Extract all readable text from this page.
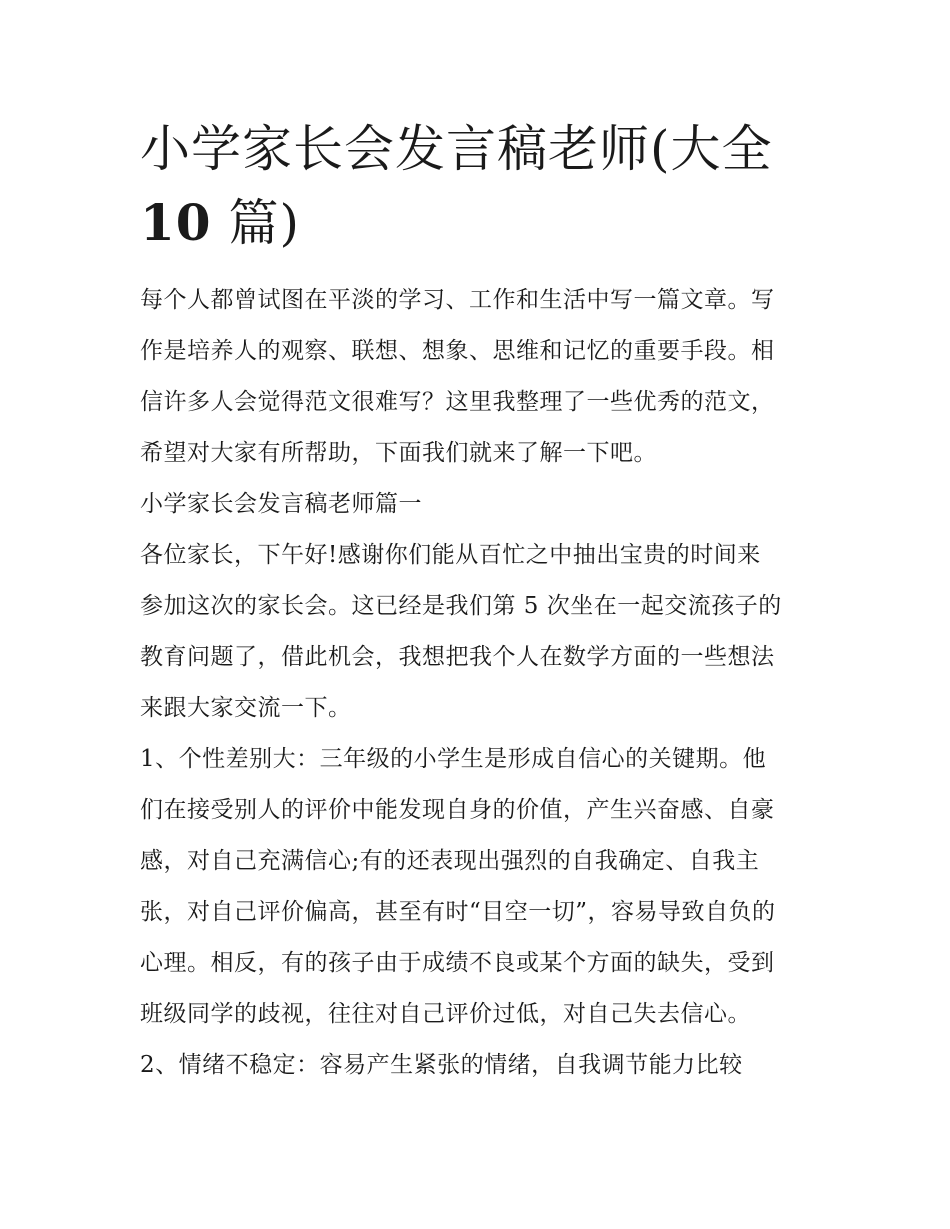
小学家长会发言稿老师(大全
10 篇)
每个人都曾试图在平淡的学习、工作和生活中写一篇文章。写
作是培养人的观察、联想、想象、思维和记忆的重要手段。相
信许多人会觉得范文很难写？这里我整理了一些优秀的范文，
希望对大家有所帮助，下面我们就来了解一下吧。
小学家长会发言稿老师篇一
各位家长，下午好!感谢你们能从百忙之中抽出宝贵的时间来
参加这次的家长会。这已经是我们第 5 次坐在一起交流孩子的
教育问题了，借此机会，我想把我个人在数学方面的一些想法
来跟大家交流一下。
1、个性差别大：三年级的小学生是形成自信心的关键期。他
们在接受别人的评价中能发现自身的价值，产生兴奋感、自豪
感，对自己充满信心;有的还表现出强烈的自我确定、自我主
张，对自己评价偏高，甚至有时“目空一切”，容易导致自负的
心理。相反，有的孩子由于成绩不良或某个方面的缺失，受到
班级同学的歧视，往往对自己评价过低，对自己失去信心。
2、情绪不稳定：容易产生紧张的情绪，自我调节能力比较
